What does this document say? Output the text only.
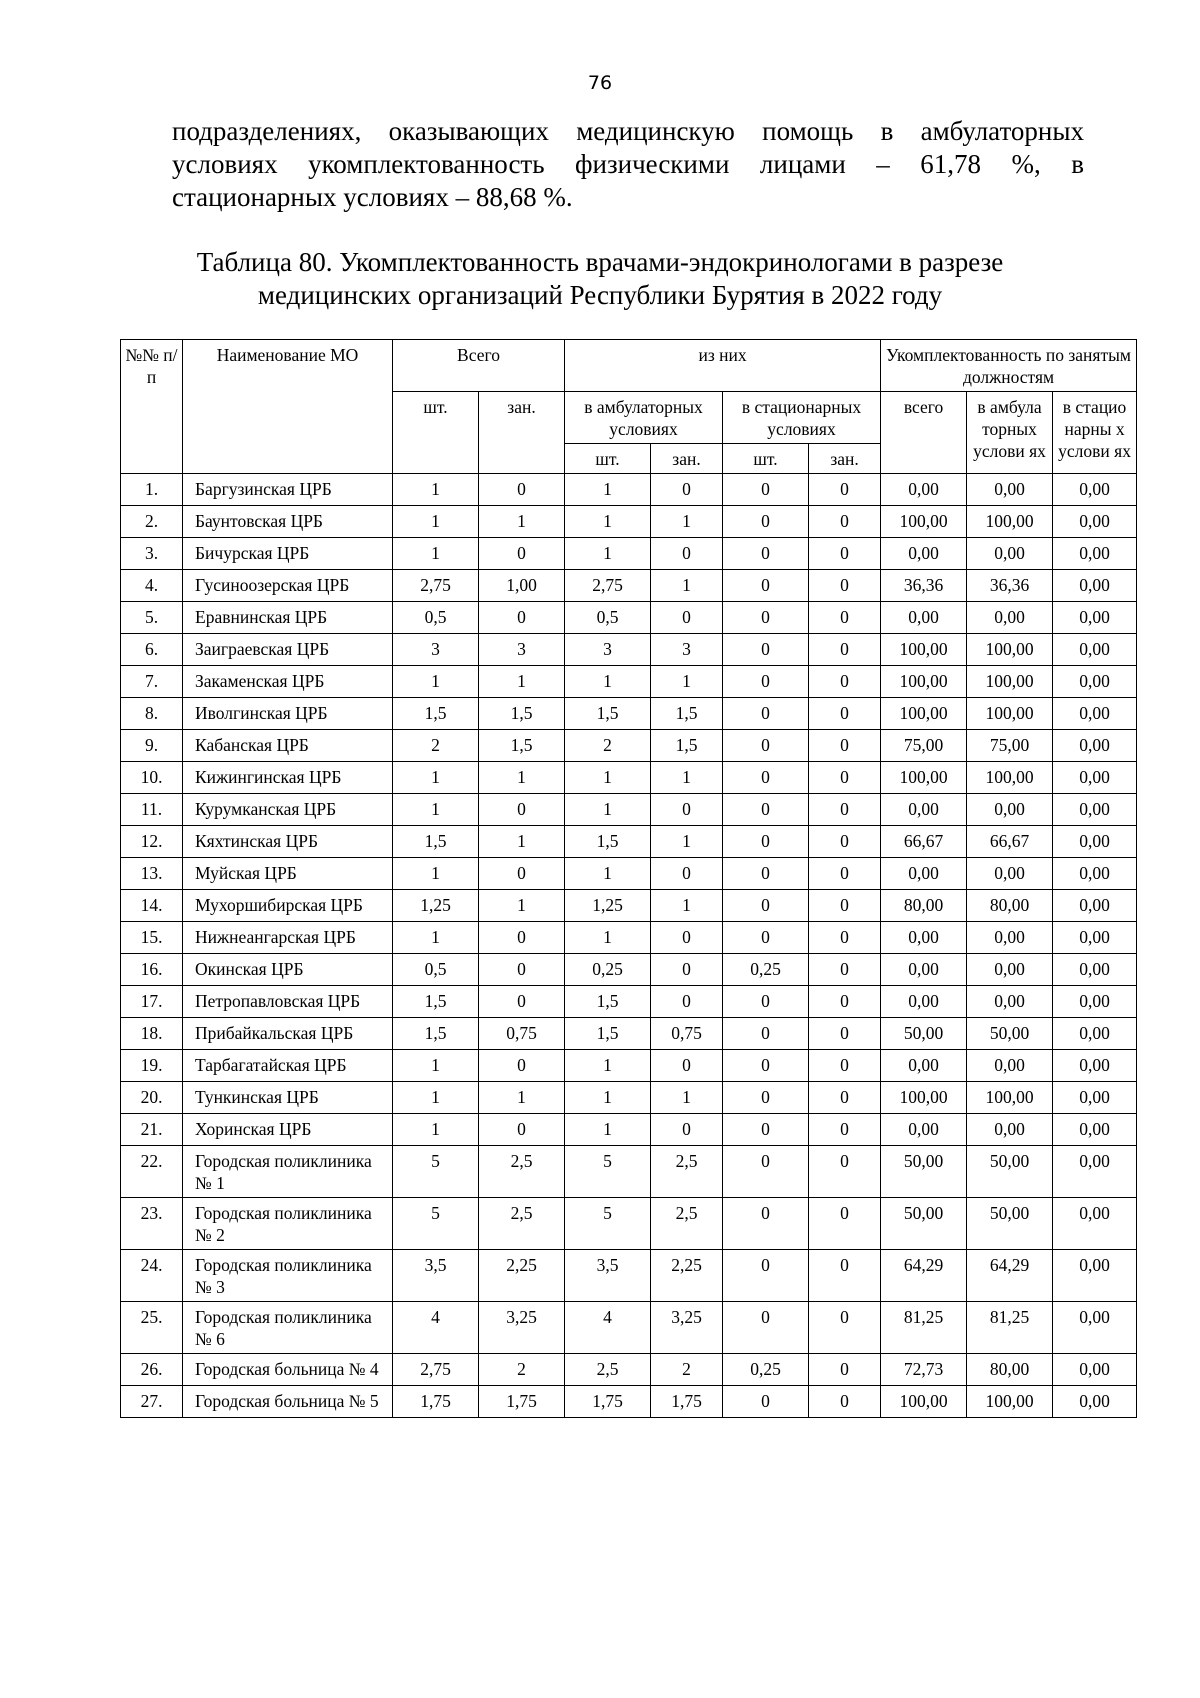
76
подразделениях, оказывающих медицинскую помощь в амбулаторных
условиях укомплектованность физическими лицами – 61,78 %, в
стационарных условиях – 88,68 %.
Таблица 80. Укомплектованность врачами-эндокринологами в разрезе
медицинских организаций Республики Бурятия в 2022 году
№№ п/п	Наименование МО	Всего		из них				Укомплектованность по занятым должностям		
		шт.	зан.	в амбулаторных условиях		в стационарных условиях		всего	в амбула торных услови ях	в стацио нарны х услови ях
				шт.	зан.	шт.	зан.			
1.	Баргузинская ЦРБ	1	0	1	0	0	0	0,00	0,00	0,00
2.	Баунтовская ЦРБ	1	1	1	1	0	0	100,00	100,00	0,00
3.	Бичурская ЦРБ	1	0	1	0	0	0	0,00	0,00	0,00
4.	Гусиноозерская ЦРБ	2,75	1,00	2,75	1	0	0	36,36	36,36	0,00
5.	Еравнинская ЦРБ	0,5	0	0,5	0	0	0	0,00	0,00	0,00
6.	Заиграевская ЦРБ	3	3	3	3	0	0	100,00	100,00	0,00
7.	Закаменская ЦРБ	1	1	1	1	0	0	100,00	100,00	0,00
8.	Иволгинская ЦРБ	1,5	1,5	1,5	1,5	0	0	100,00	100,00	0,00
9.	Кабанская ЦРБ	2	1,5	2	1,5	0	0	75,00	75,00	0,00
10.	Кижингинская ЦРБ	1	1	1	1	0	0	100,00	100,00	0,00
11.	Курумканская ЦРБ	1	0	1	0	0	0	0,00	0,00	0,00
12.	Кяхтинская ЦРБ	1,5	1	1,5	1	0	0	66,67	66,67	0,00
13.	Муйская ЦРБ	1	0	1	0	0	0	0,00	0,00	0,00
14.	Мухоршибирская ЦРБ	1,25	1	1,25	1	0	0	80,00	80,00	0,00
15.	Нижнеангарская ЦРБ	1	0	1	0	0	0	0,00	0,00	0,00
16.	Окинская ЦРБ	0,5	0	0,25	0	0,25	0	0,00	0,00	0,00
17.	Петропавловская ЦРБ	1,5	0	1,5	0	0	0	0,00	0,00	0,00
18.	Прибайкальская ЦРБ	1,5	0,75	1,5	0,75	0	0	50,00	50,00	0,00
19.	Тарбагатайская ЦРБ	1	0	1	0	0	0	0,00	0,00	0,00
20.	Тункинская ЦРБ	1	1	1	1	0	0	100,00	100,00	0,00
21.	Хоринская ЦРБ	1	0	1	0	0	0	0,00	0,00	0,00
22.	Городская поликлиника № 1	5	2,5	5	2,5	0	0	50,00	50,00	0,00
23.	Городская поликлиника № 2	5	2,5	5	2,5	0	0	50,00	50,00	0,00
24.	Городская поликлиника № 3	3,5	2,25	3,5	2,25	0	0	64,29	64,29	0,00
25.	Городская поликлиника № 6	4	3,25	4	3,25	0	0	81,25	81,25	0,00
26.	Городская больница № 4	2,75	2	2,5	2	0,25	0	72,73	80,00	0,00
27.	Городская больница № 5	1,75	1,75	1,75	1,75	0	0	100,00	100,00	0,00
